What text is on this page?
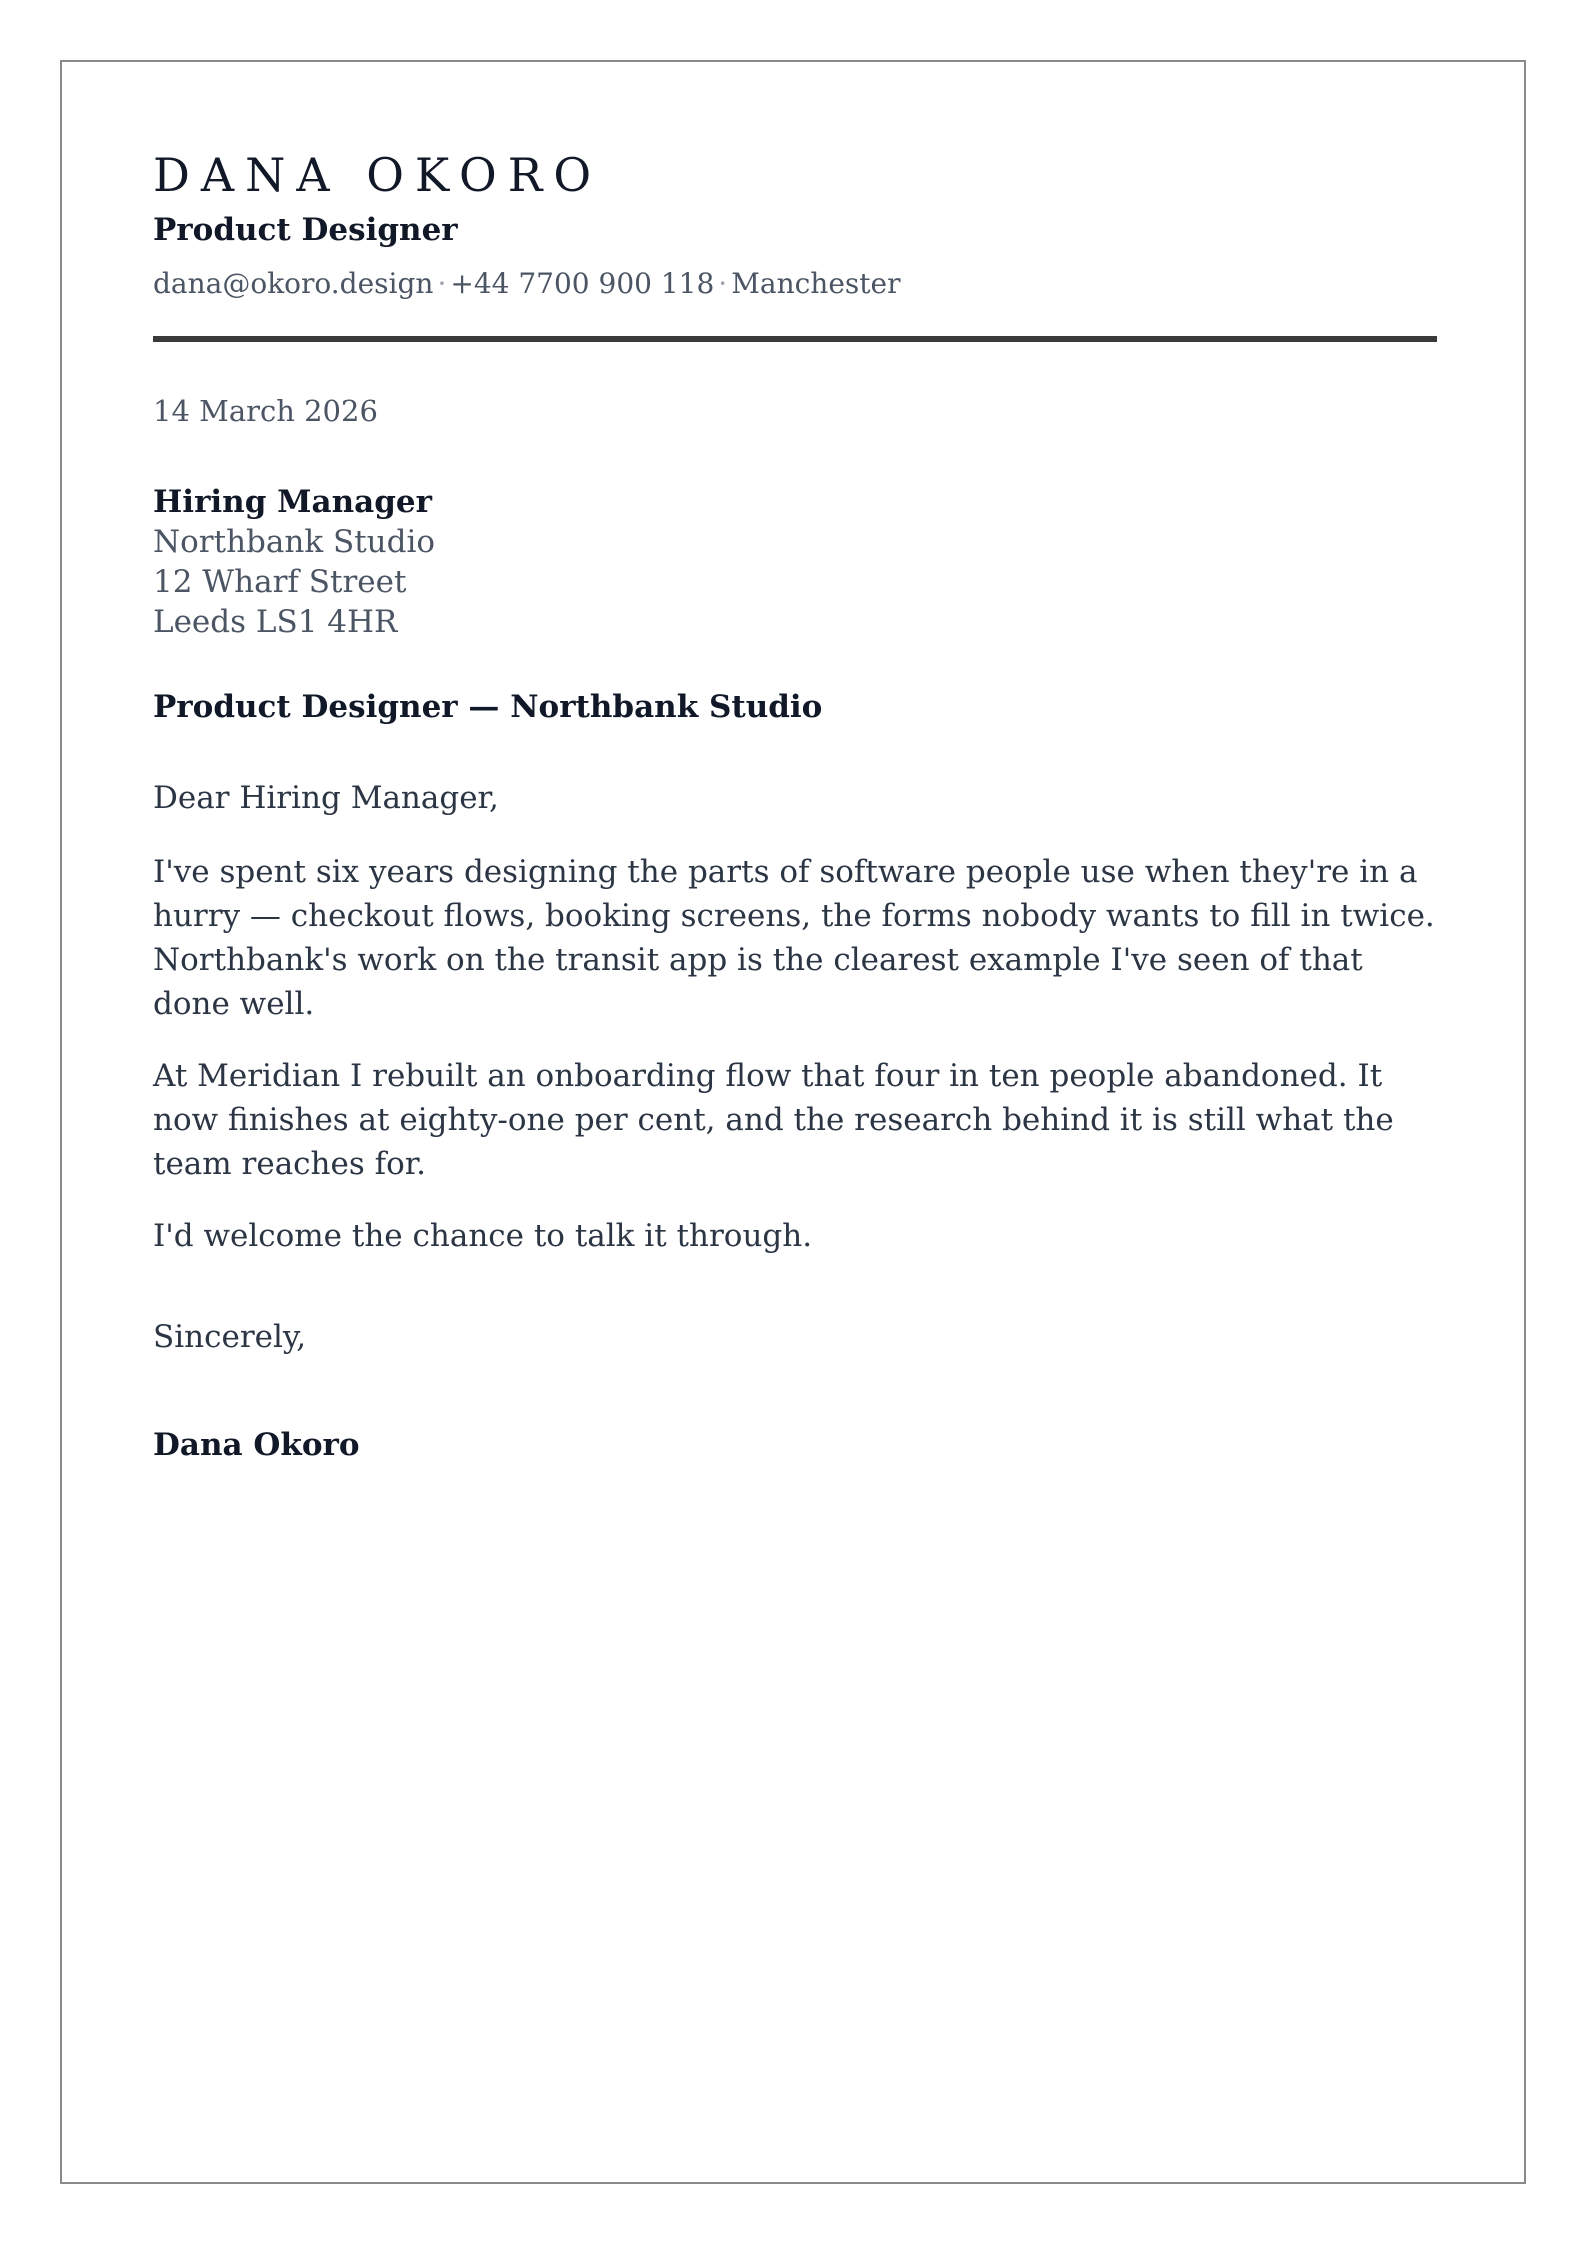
DANA OKORO
Product Designer
dana@okoro.design · +44 7700 900 118 · Manchester
14 March 2026
Hiring Manager
Northbank Studio
12 Wharf Street
Leeds LS1 4HR
Product Designer — Northbank Studio

Dear Hiring Manager,

I've spent six years designing the parts of software people use when they're in a hurry — checkout flows, booking screens, the forms nobody wants to fill in twice. Northbank's work on the transit app is the clearest example I've seen of that done well.

At Meridian I rebuilt an onboarding flow that four in ten people abandoned. It now finishes at eighty-one per cent, and the research behind it is still what the team reaches for.

I'd welcome the chance to talk it through.

Sincerely,
Dana Okoro
